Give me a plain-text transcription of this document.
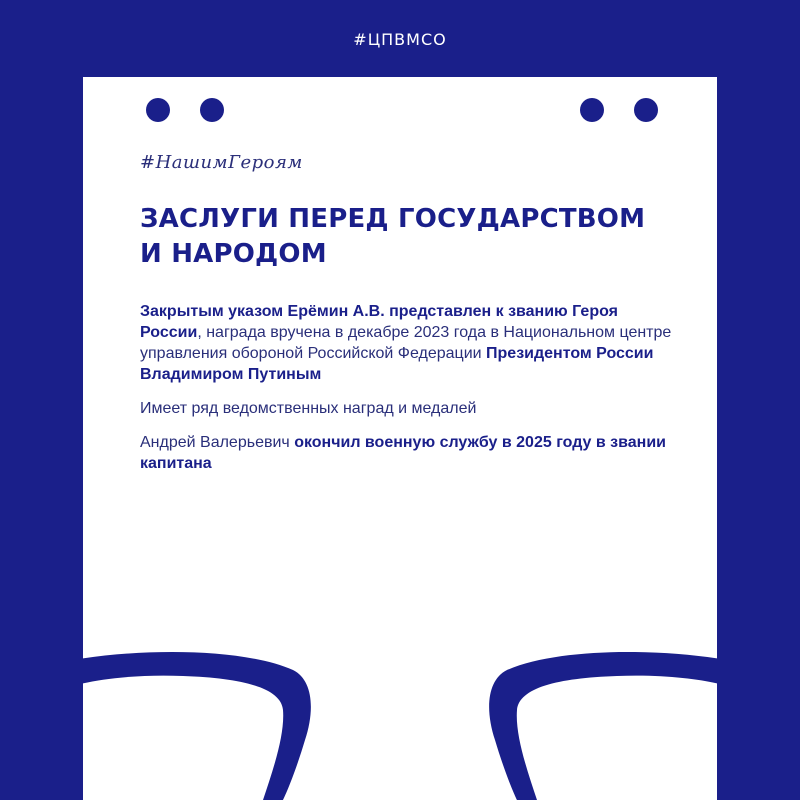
#ЦПВМСО
#НашимГероям
ЗАСЛУГИ ПЕРЕД ГОСУДАРСТВОМ
И НАРОДОМ

Закрытым указом Ерёмин А.В. представлен к званию Героя России, награда вручена в декабре 2023 года в Национальном центре управления обороной Российской Федерации Президентом России Владимиром Путиным

Имеет ряд ведомственных наград и медалей

Андрей Валерьевич окончил военную службу в 2025 году в звании капитана
